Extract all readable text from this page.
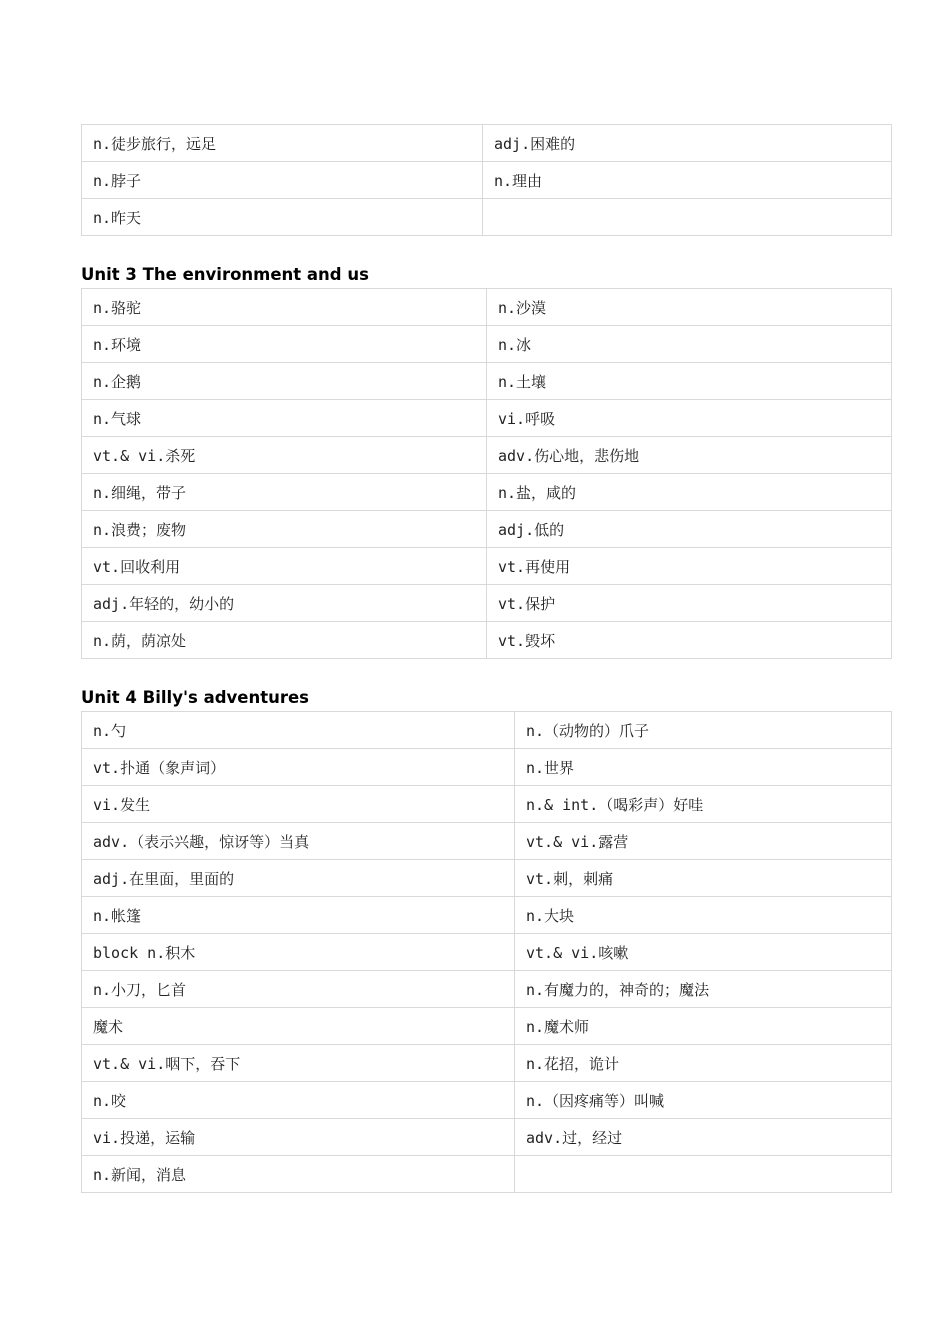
n.徒步旅行，远足	adj.困难的
n.脖子	n.理由
n.昨天	
Unit 3 The environment and us
n.骆驼	n.沙漠
n.环境	n.冰
n.企鹅	n.土壤
n.气球	vi.呼吸
vt.& vi.杀死	adv.伤心地，悲伤地
n.细绳，带子	n.盐，咸的
n.浪费；废物	adj.低的
vt.回收利用	vt.再使用
adj.年轻的，幼小的	vt.保护
n.荫，荫凉处	vt.毁坏
Unit 4 Billy's adventures
n.勺	n.（动物的）爪子
vt.扑通（象声词）	n.世界
vi.发生	n.& int.（喝彩声）好哇
adv.（表示兴趣，惊讶等）当真	vt.& vi.露营
adj.在里面，里面的	vt.刺，刺痛
n.帐篷	n.大块
block n.积木	vt.& vi.咳嗽
n.小刀，匕首	n.有魔力的，神奇的；魔法
魔术	n.魔术师
vt.& vi.咽下，吞下	n.花招，诡计
n.咬	n.（因疼痛等）叫喊
vi.投递，运输	adv.过，经过
n.新闻，消息	
